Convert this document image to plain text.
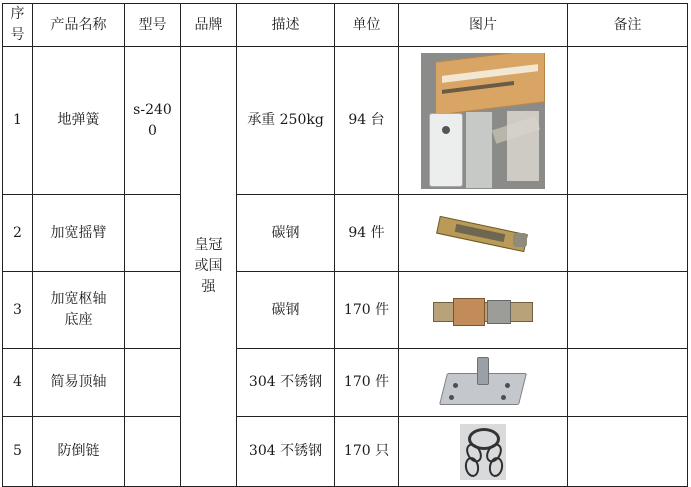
序号	产品名称	型号	品牌	描述	单位	图片	备注
1	地弹簧	s-2400	皇冠或国强	承重 250kg	94 台	

2	加宽摇臂			碳钢	94 件	

3	加宽枢轴底座			碳钢	170 件	

4	简易顶轴			304 不锈钢	170 件	

5	防倒链			304 不锈钢	170 只	
